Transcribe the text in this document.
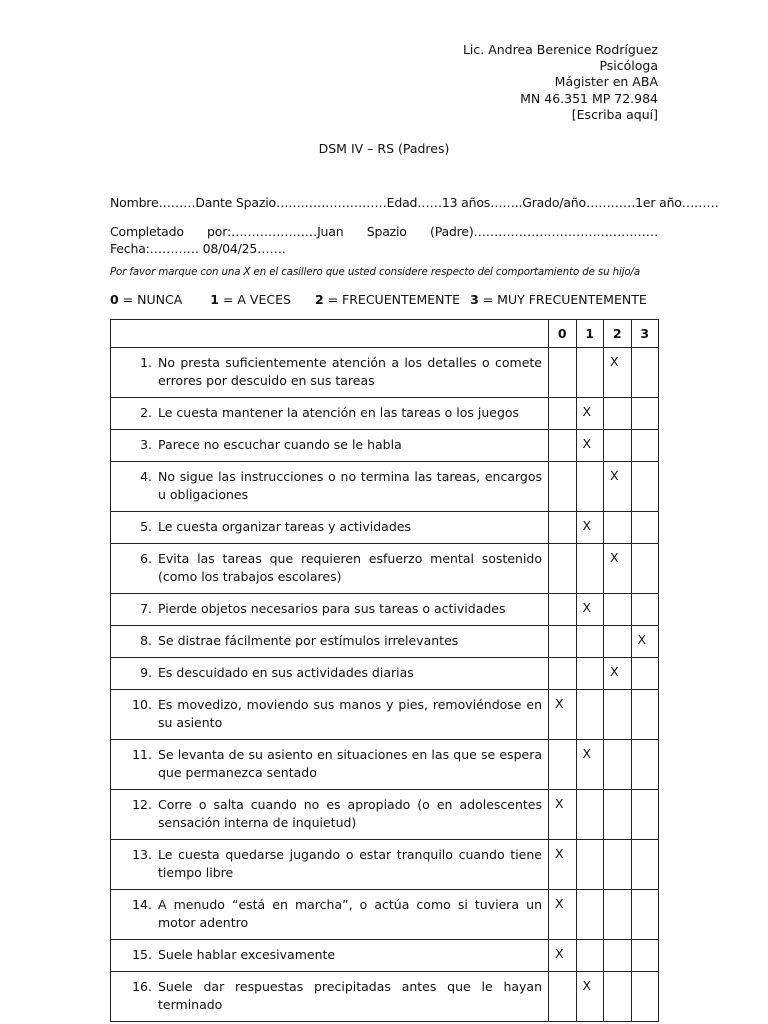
Lic. Andrea Berenice Rodríguez
Psicóloga
Mágister en ABA
MN 46.351 MP 72.984
[Escriba aquí]
DSM IV – RS (Padres)
Nombre………Dante Spazio………………………Edad……13 años……..Grado/año…………1er año………
Completado por:…………………Juan Spazio (Padre)………………………………………Fecha:………… 08/04/25…….
Por favor marque con una X en el casillero que usted considere respecto del comportamiento de su hijo/a
0 = NUNCA 1 = A VECES 2 = FRECUENTEMENTE 3 = MUY FRECUENTEMENTE
	0	1	2	3

1. No presta suficientemente atención a los detalles o comete errores por descuido en sus tareas			X	

2. Le cuesta mantener la atención en las tareas o los juegos		X		

3. Parece no escuchar cuando se le habla		X		

4. No sigue las instrucciones o no termina las tareas, encargos u obligaciones			X	

5. Le cuesta organizar tareas y actividades		X		

6. Evita las tareas que requieren esfuerzo mental sostenido (como los trabajos escolares)			X	

7. Pierde objetos necesarios para sus tareas o actividades		X		

8. Se distrae fácilmente por estímulos irrelevantes				X

9. Es descuidado en sus actividades diarias			X	

10. Es movedizo, moviendo sus manos y pies, removiéndose en su asiento	X			

11. Se levanta de su asiento en situaciones en las que se espera que permanezca sentado		X		

12. Corre o salta cuando no es apropiado (o en adolescentes sensación interna de inquietud)	X			

13. Le cuesta quedarse jugando o estar tranquilo cuando tiene tiempo libre	X			

14. A menudo “está en marcha”, o actúa como si tuviera un motor adentro	X			

15. Suele hablar excesivamente	X			

16. Suele dar respuestas precipitadas antes que le hayan terminado		X		
